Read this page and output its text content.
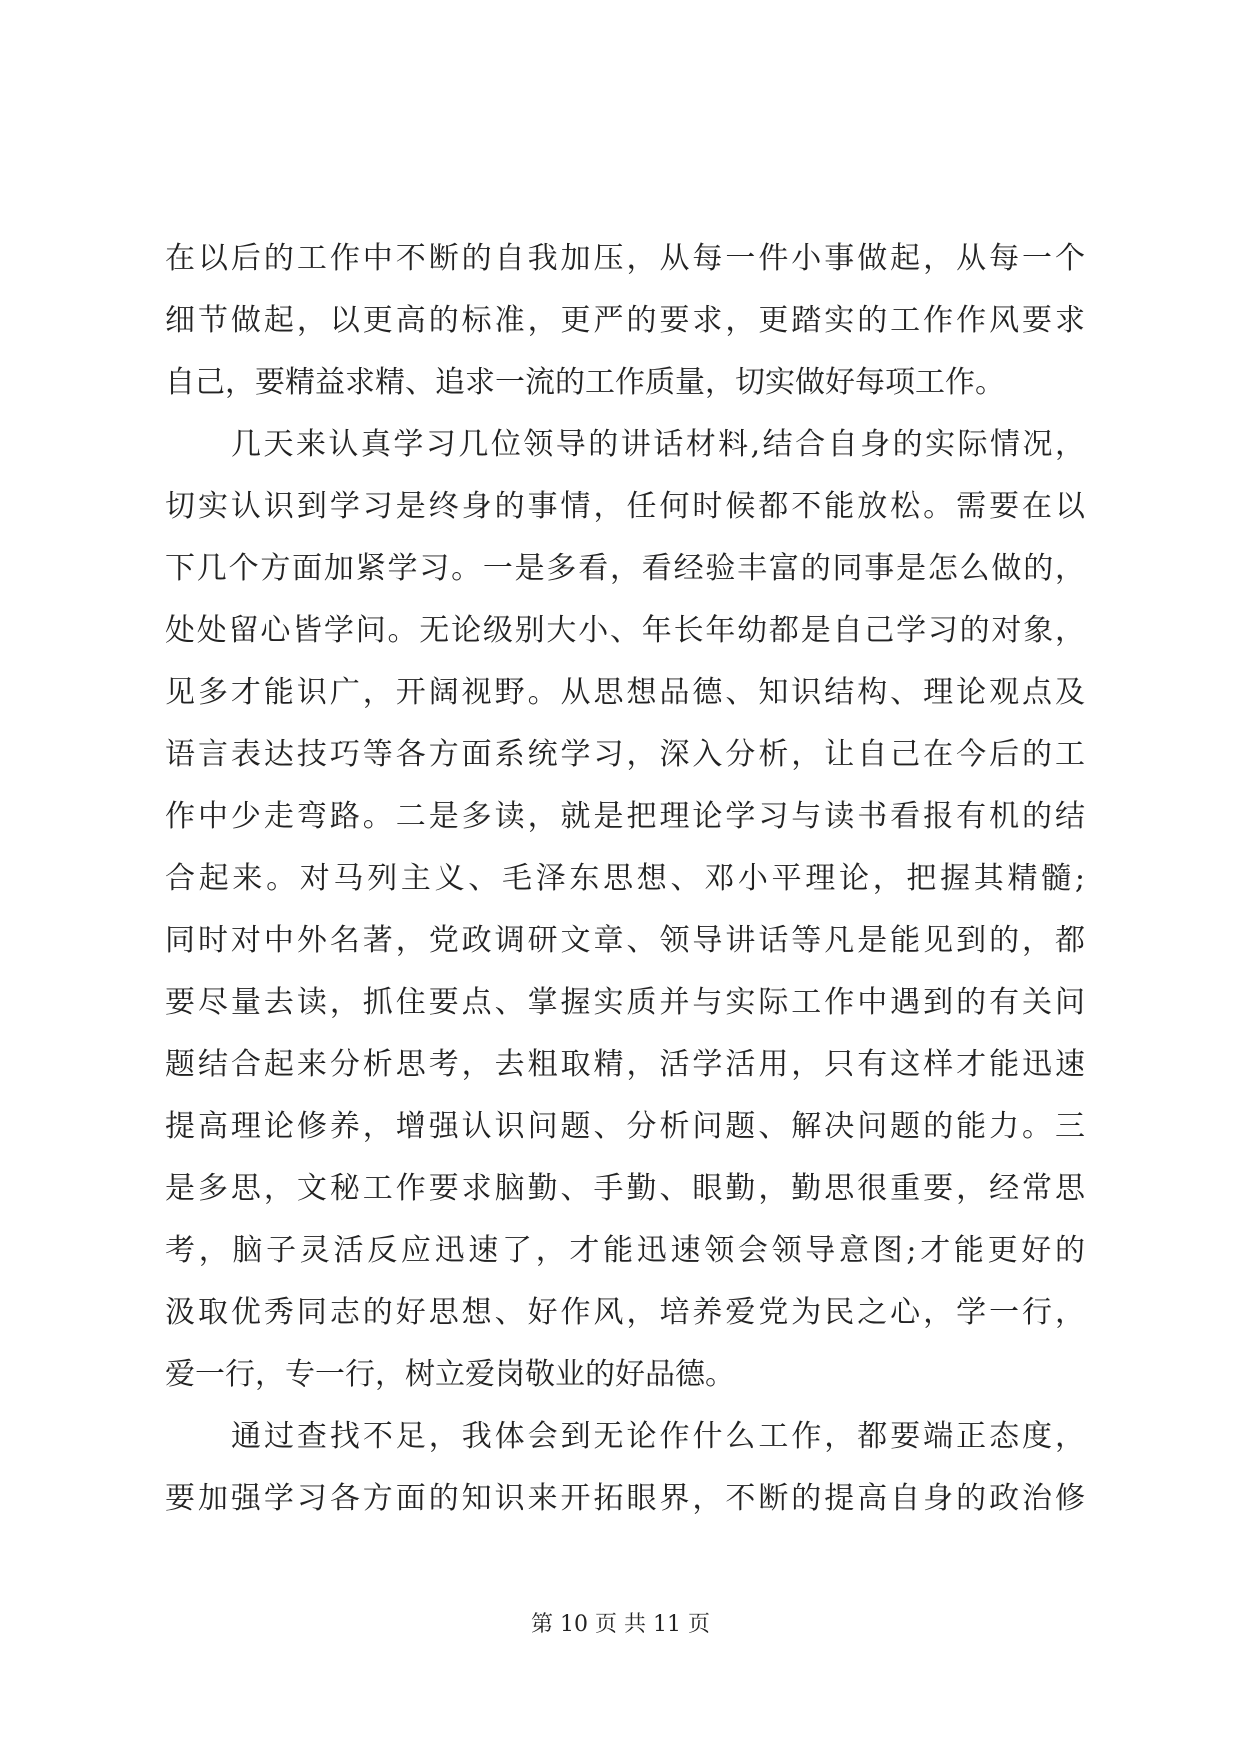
在以后的工作中不断的自我加压，从每一件小事做起，从每一个
细节做起，以更高的标准，更严的要求，更踏实的工作作风要求
自己，要精益求精、追求一流的工作质量，切实做好每项工作。
几天来认真学习几位领导的讲话材料,结合自身的实际情况，
切实认识到学习是终身的事情，任何时候都不能放松。需要在以
下几个方面加紧学习。一是多看，看经验丰富的同事是怎么做的，
处处留心皆学问。无论级别大小、年长年幼都是自己学习的对象，
见多才能识广，开阔视野。从思想品德、知识结构、理论观点及
语言表达技巧等各方面系统学习，深入分析，让自己在今后的工
作中少走弯路。二是多读，就是把理论学习与读书看报有机的结
合起来。对马列主义、毛泽东思想、邓小平理论，把握其精髓;
同时对中外名著，党政调研文章、领导讲话等凡是能见到的，都
要尽量去读，抓住要点、掌握实质并与实际工作中遇到的有关问
题结合起来分析思考，去粗取精，活学活用，只有这样才能迅速
提高理论修养，增强认识问题、分析问题、解决问题的能力。三
是多思，文秘工作要求脑勤、手勤、眼勤，勤思很重要，经常思
考，脑子灵活反应迅速了，才能迅速领会领导意图;才能更好的
汲取优秀同志的好思想、好作风，培养爱党为民之心，学一行，
爱一行，专一行，树立爱岗敬业的好品德。
通过查找不足，我体会到无论作什么工作，都要端正态度，
要加强学习各方面的知识来开拓眼界，不断的提高自身的政治修
第 10 页 共 11 页
